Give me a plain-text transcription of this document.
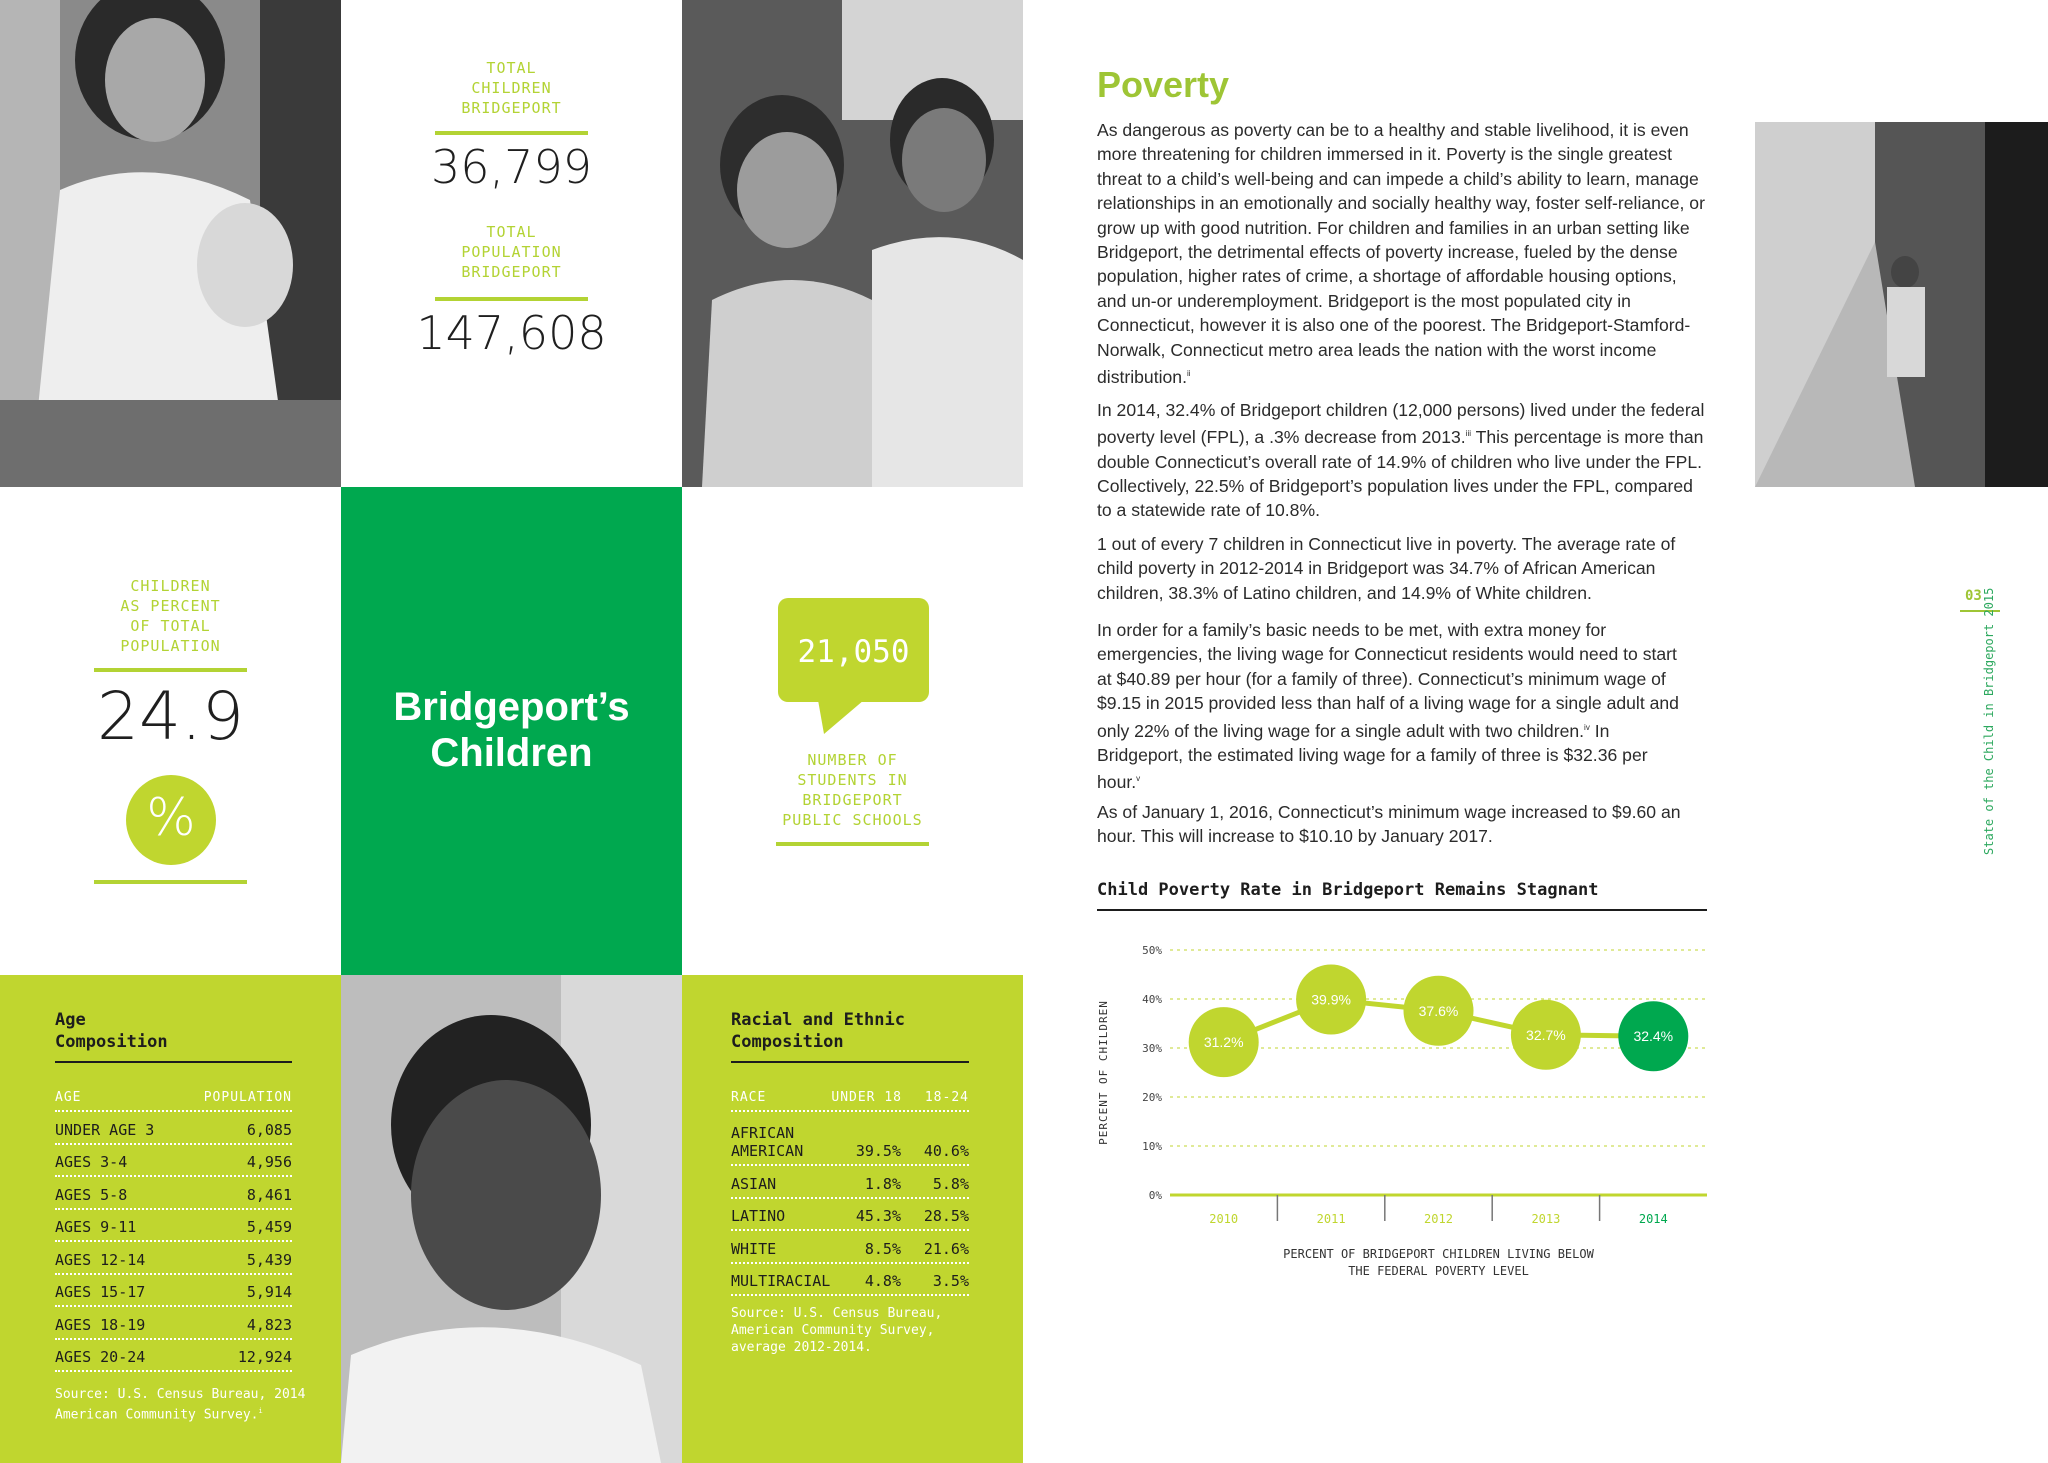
TOTAL
CHILDREN
BRIDGEPORT
36,799
TOTAL
POPULATION
BRIDGEPORT
147,608
CHILDREN
AS PERCENT
OF TOTAL
POPULATION
24.9
%
Bridgeport’s
Children
21,050
NUMBER OF
STUDENTS IN
BRIDGEPORT
PUBLIC SCHOOLS
Age
Composition
AGE	POPULATION
UNDER AGE 3	6,085
AGES 3-4	4,956
AGES 5-8	8,461
AGES 9-11	5,459
AGES 12-14	5,439
AGES 15-17	5,914
AGES 18-19	4,823
AGES 20-24	12,924
Source: U.S. Census Bureau, 2014
American Community Survey.$^i$
Racial and Ethnic
Composition
RACE	UNDER 18 18-24
AFRICAN
AMERICAN	39.5% 40.6%
ASIAN	1.8% 5.8%
LATINO	45.3% 28.5%
WHITE	8.5% 21.6%
MULTIRACIAL 4.8% 3.5%
Source: U.S. Census Bureau,
American Community Survey,
average 2012-2014.
Poverty
As dangerous as poverty can be to a healthy and stable livelihood, it is even more threatening for children immersed in it. Poverty is the single greatest threat to a child’s well-being and can impede a child’s ability to learn, manage relationships in an emotionally and socially healthy way, foster self-reliance, or grow up with good nutrition. For children and families in an urban setting like Bridgeport, the detrimental effects of poverty increase, fueled by the dense population, higher rates of crime, a shortage of affordable housing options, and un-or underemployment. Bridgeport is the most populated city in Connecticut, however it is also one of the poorest. The Bridgeport-Stamford-Norwalk, Connecticut metro area leads the nation with the worst income distribution.$^{ii}$
In 2014, 32.4% of Bridgeport children (12,000 persons) lived under the federal poverty level (FPL), a .3% decrease from 2013.$^{iii}$ This percentage is more than double Connecticut’s overall rate of 14.9% of children who live under the FPL. Collectively, 22.5% of Bridgeport’s population lives under the FPL, compared to a statewide rate of 10.8%.
1 out of every 7 children in Connecticut live in poverty. The average rate of child poverty in 2012-2014 in Bridgeport was 34.7% of African American children, 38.3% of Latino children, and 14.9% of White children.
In order for a family’s basic needs to be met, with extra money for emergencies, the living wage for Connecticut residents would need to start at $40.89 per hour (for a family of three). Connecticut’s minimum wage of $9.15 in 2015 provided less than half of a living wage for a single adult and only 22% of the living wage for a single adult with two children.$^{iv}$ In Bridgeport, the estimated living wage for a family of three is $32.36 per hour.$^v$
As of January 1, 2016, Connecticut’s minimum wage increased to $9.60 an hour. This will increase to $10.10 by January 2017.
Child Poverty Rate in Bridgeport Remains Stagnant
0%
10%
20%
30%
40%
50%
2010	2011	2012	2013	2014
PERCENT OF CHILDREN
PERCENT OF BRIDGEPORT CHILDREN LIVING BELOW
THE FEDERAL POVERTY LEVEL
31.2%
39.9%
37.6%
32.7%	32.4%
03 State of the Child in Bridgeport 2015
